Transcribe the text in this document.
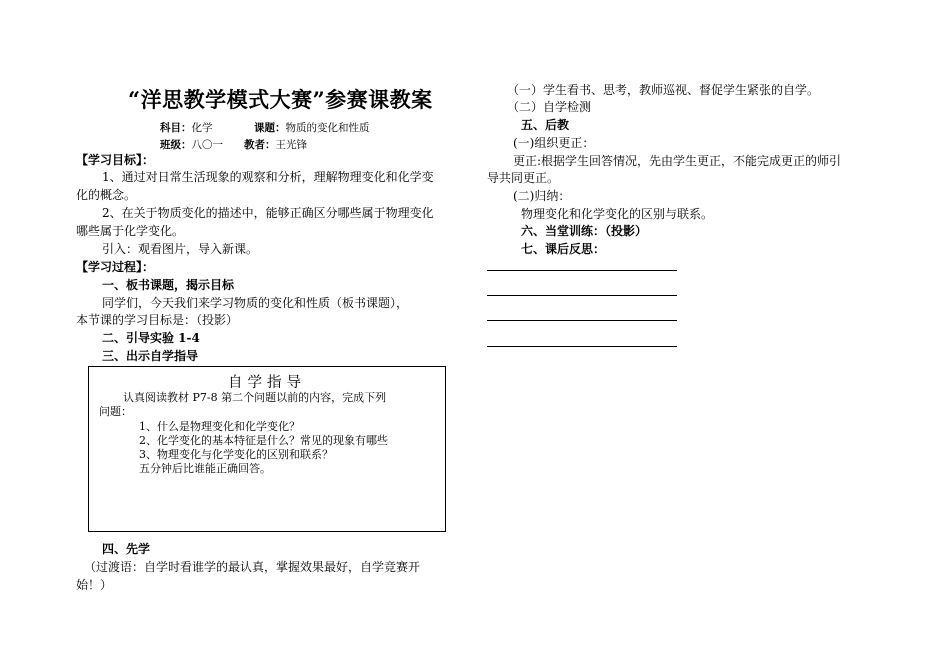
“洋思教学模式大赛”参赛课教案
科目：化学	课题：物质的变化和性质
班级：八〇一 教者：王光锋
【学习目标】：
1、通过对日常生活现象的观察和分析，理解物理变化和化学变
化的概念。
2、在关于物质变化的描述中，能够正确区分哪些属于物理变化
哪些属于化学变化。
引入：观看图片，导入新课。
【学习过程】：
一、板书课题，揭示目标
同学们，今天我们来学习物质的变化和性质（板书课题），
本节课的学习目标是：（投影）
二、引导实验 1-4
三、出示自学指导
自学指导
认真阅读教材 P7-8 第二个问题以前的内容，完成下列
问题：
1、什么是物理变化和化学变化？
2、化学变化的基本特征是什么？常见的现象有哪些
3、物理变化与化学变化的区别和联系？
五分钟后比谁能正确回答。
四、先学
（过渡语：自学时看谁学的最认真，掌握效果最好，自学竞赛开
始！）
（一）学生看书、思考，教师巡视、督促学生紧张的自学。
（二）自学检测
五、后教
(一)组织更正：
更正:根据学生回答情况，先由学生更正，不能完成更正的师引
导共同更正。
(二)归纳：
物理变化和化学变化的区别与联系。
六、当堂训练：（投影）
七、课后反思：
